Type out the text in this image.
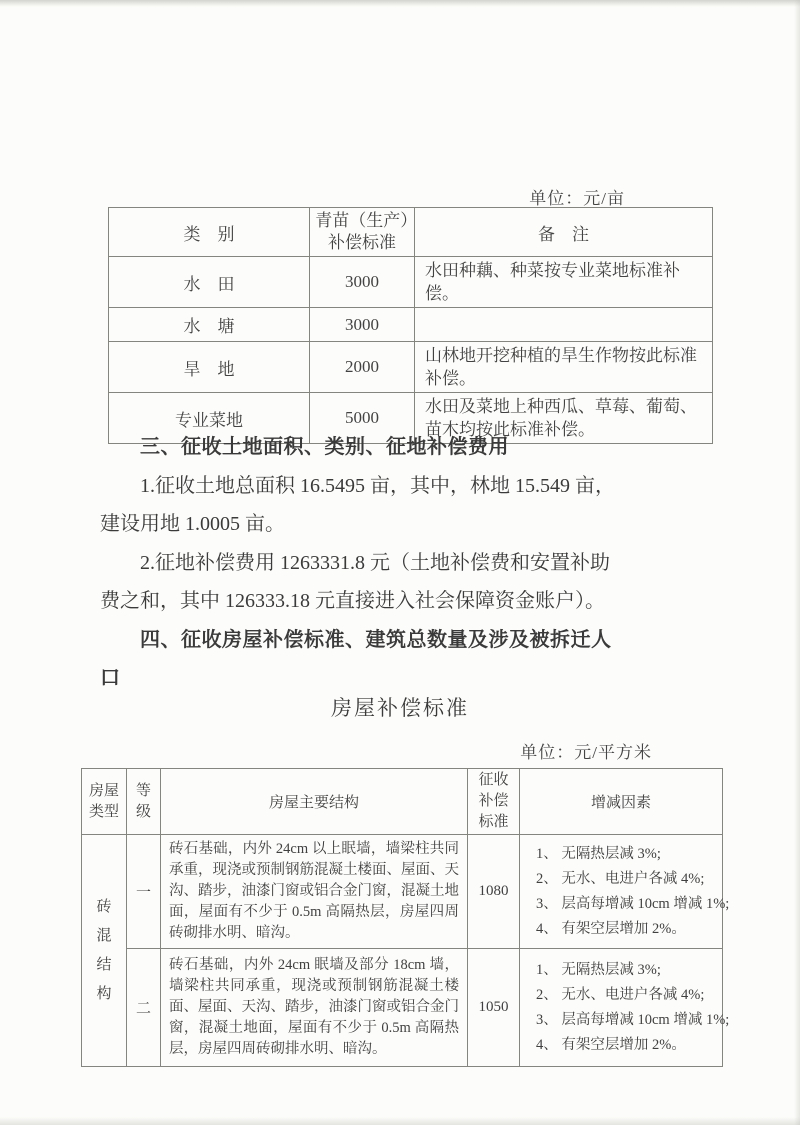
单位：元/亩
类　别	青苗（生产）补偿标准	备　注
水　田	3000	水田种藕、种菜按专业菜地标准补偿。
水　塘	3000	
旱　地	2000	山林地开挖种植的旱生作物按此标准补偿。
专业菜地	5000	水田及菜地上种西瓜、草莓、葡萄、苗木均按此标准补偿。
三、征收土地面积、类别、征地补偿费用
1.征收土地总面积 16.5495 亩，其中，林地 15.549 亩，
建设用地 1.0005 亩。
2.征地补偿费用 1263331.8 元（土地补偿费和安置补助
费之和，其中 126333.18 元直接进入社会保障资金账户）。
四、征收房屋补偿标准、建筑总数量及涉及被拆迁人
口
房屋补偿标准
单位：元/平方米
房屋类型	等级	房屋主要结构	征收补偿标准	增减因素
砖混结构	一	砖石基础，内外 24cm 以上眠墙，墙梁柱共同承重，现浇或预制钢筋混凝土楼面、屋面、天沟、踏步，油漆门窗或铝合金门窗，混凝土地面，屋面有不少于 0.5m 高隔热层，房屋四周砖砌排水明、暗沟。	1080	1、 无隔热层减 3%;
2、 无水、电进户各减 4%;
3、 层高每增减 10cm 增减 1%;
4、 有架空层增加 2%。

	二	砖石基础，内外 24cm 眠墙及部分 18cm 墙，墙梁柱共同承重，现浇或预制钢筋混凝土楼面、屋面、天沟、踏步，油漆门窗或铝合金门窗，混凝土地面，屋面有不少于 0.5m 高隔热层，房屋四周砖砌排水明、暗沟。	1050	1、 无隔热层减 3%;
2、 无水、电进户各减 4%;
3、 层高每增减 10cm 增减 1%;
4、 有架空层增加 2%。
